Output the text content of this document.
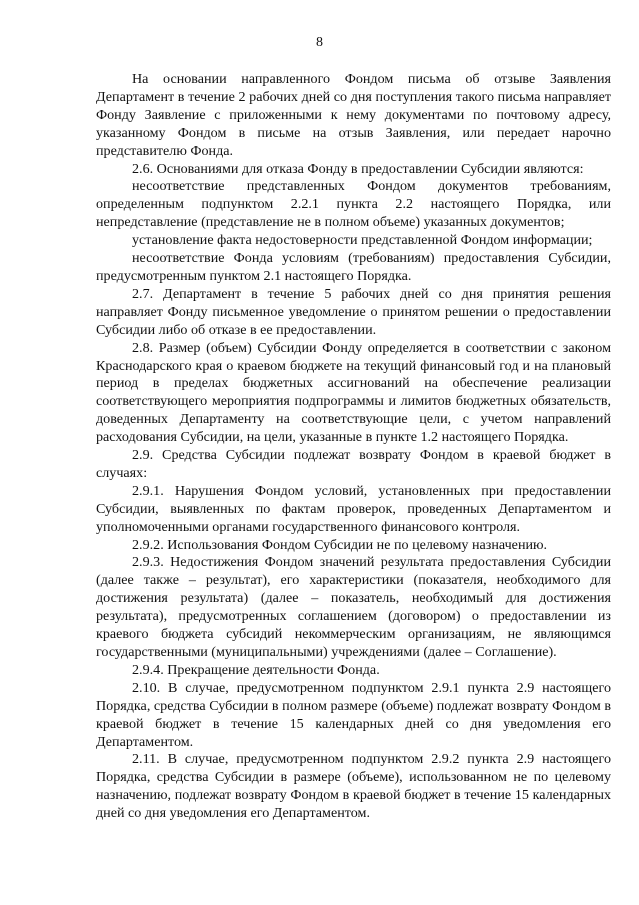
8

На основании направленного Фондом письма об отзыве Заявления Департамент в течение 2 рабочих дней со дня поступления такого письма направляет Фонду Заявление с приложенными к нему документами по почтовому адресу, указанному Фондом в письме на отзыв Заявления, или передает нарочно представителю Фонда.

2.6. Основаниями для отказа Фонду в предоставлении Субсидии являются:

несоответствие представленных Фондом документов требованиям, определенным подпунктом 2.2.1 пункта 2.2 настоящего Порядка, или непредставление (представление не в полном объеме) указанных документов;

установление факта недостоверности представленной Фондом информации;

несоответствие Фонда условиям (требованиям) предоставления Субсидии, предусмотренным пунктом 2.1 настоящего Порядка.

2.7. Департамент в течение 5 рабочих дней со дня принятия решения направляет Фонду письменное уведомление о принятом решении о предоставлении Субсидии либо об отказе в ее предоставлении.

2.8. Размер (объем) Субсидии Фонду определяется в соответствии с законом Краснодарского края о краевом бюджете на текущий финансовый год и на плановый период в пределах бюджетных ассигнований на обеспечение реализации соответствующего мероприятия подпрограммы и лимитов бюджетных обязательств, доведенных Департаменту на соответствующие цели, с учетом направлений расходования Субсидии, на цели, указанные в пункте 1.2 настоящего Порядка.

2.9. Средства Субсидии подлежат возврату Фондом в краевой бюджет в случаях:

2.9.1. Нарушения Фондом условий, установленных при предоставлении Субсидии, выявленных по фактам проверок, проведенных Департаментом и уполномоченными органами государственного финансового контроля.

2.9.2. Использования Фондом Субсидии не по целевому назначению.

2.9.3. Недостижения Фондом значений результата предоставления Субсидии (далее также – результат), его характеристики (показателя, необходимого для достижения результата) (далее – показатель, необходимый для достижения результата), предусмотренных соглашением (договором) о предоставлении из краевого бюджета субсидий некоммерческим организациям, не являющимся государственными (муниципальными) учреждениями (далее – Соглашение).

2.9.4. Прекращение деятельности Фонда.

2.10. В случае, предусмотренном подпунктом 2.9.1 пункта 2.9 настоящего Порядка, средства Субсидии в полном размере (объеме) подлежат возврату Фондом в краевой бюджет в течение 15 календарных дней со дня уведомления его Департаментом.

2.11. В случае, предусмотренном подпунктом 2.9.2 пункта 2.9 настоящего Порядка, средства Субсидии в размере (объеме), использованном не по целевому назначению, подлежат возврату Фондом в краевой бюджет в течение 15 календарных дней со дня уведомления его Департаментом.
